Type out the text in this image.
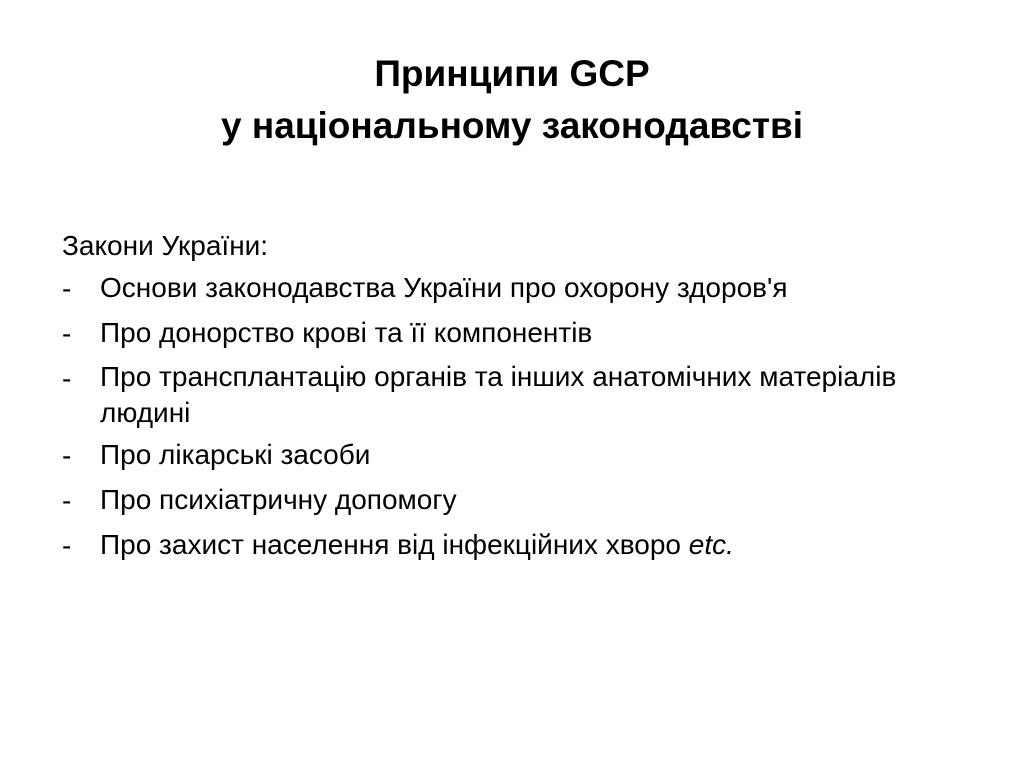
Принципи GCP
у національному законодавстві

Закони України:

-	Основи законодавства України про охорону здоров'я
-	Про донорство крові та її компонентів
-	Про трансплантацію органів та інших анатомічних матеріалів людині
-	Про лікарські засоби
-	Про психіатричну допомогу
-	Про захист населення від інфекційних хворо etc.
